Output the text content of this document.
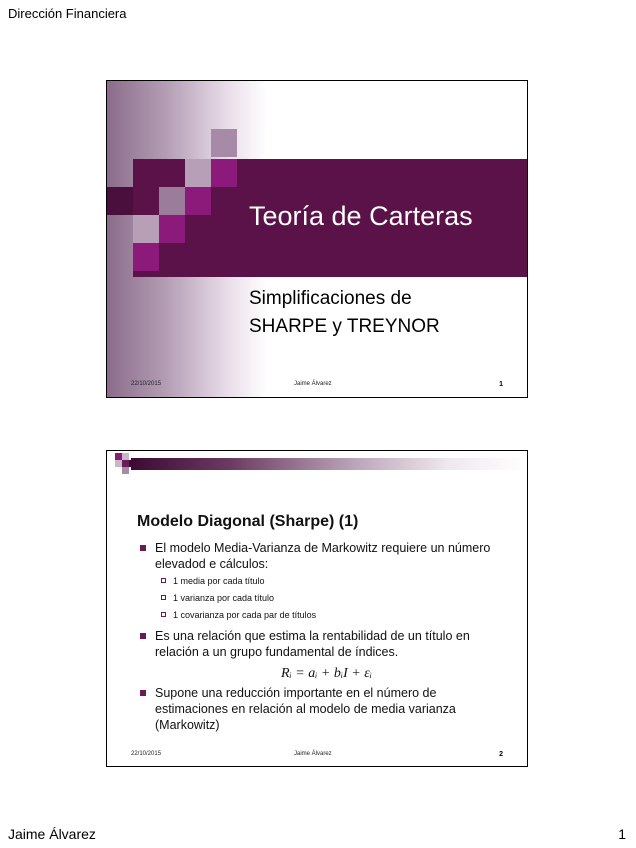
Dirección Financiera
Teoría de Carteras
Simplificaciones de
SHARPE y TREYNOR
22/10/2015	Jaime Álvarez	1
Modelo Diagonal (Sharpe) (1)
El modelo Media-Varianza de Markowitz requiere un número elevadod e cálculos:
1 media por cada título
1 varianza por cada título
1 covarianza por cada par de títulos
Es una relación que estima la rentabilidad de un título en relación a un grupo fundamental de índices.
Rᵢ = aᵢ + bᵢI + εᵢ
Supone una reducción importante en el número de estimaciones en relación al modelo de media varianza (Markowitz)
22/10/2015	Jaime Álvarez	2
Jaime Álvarez	1
